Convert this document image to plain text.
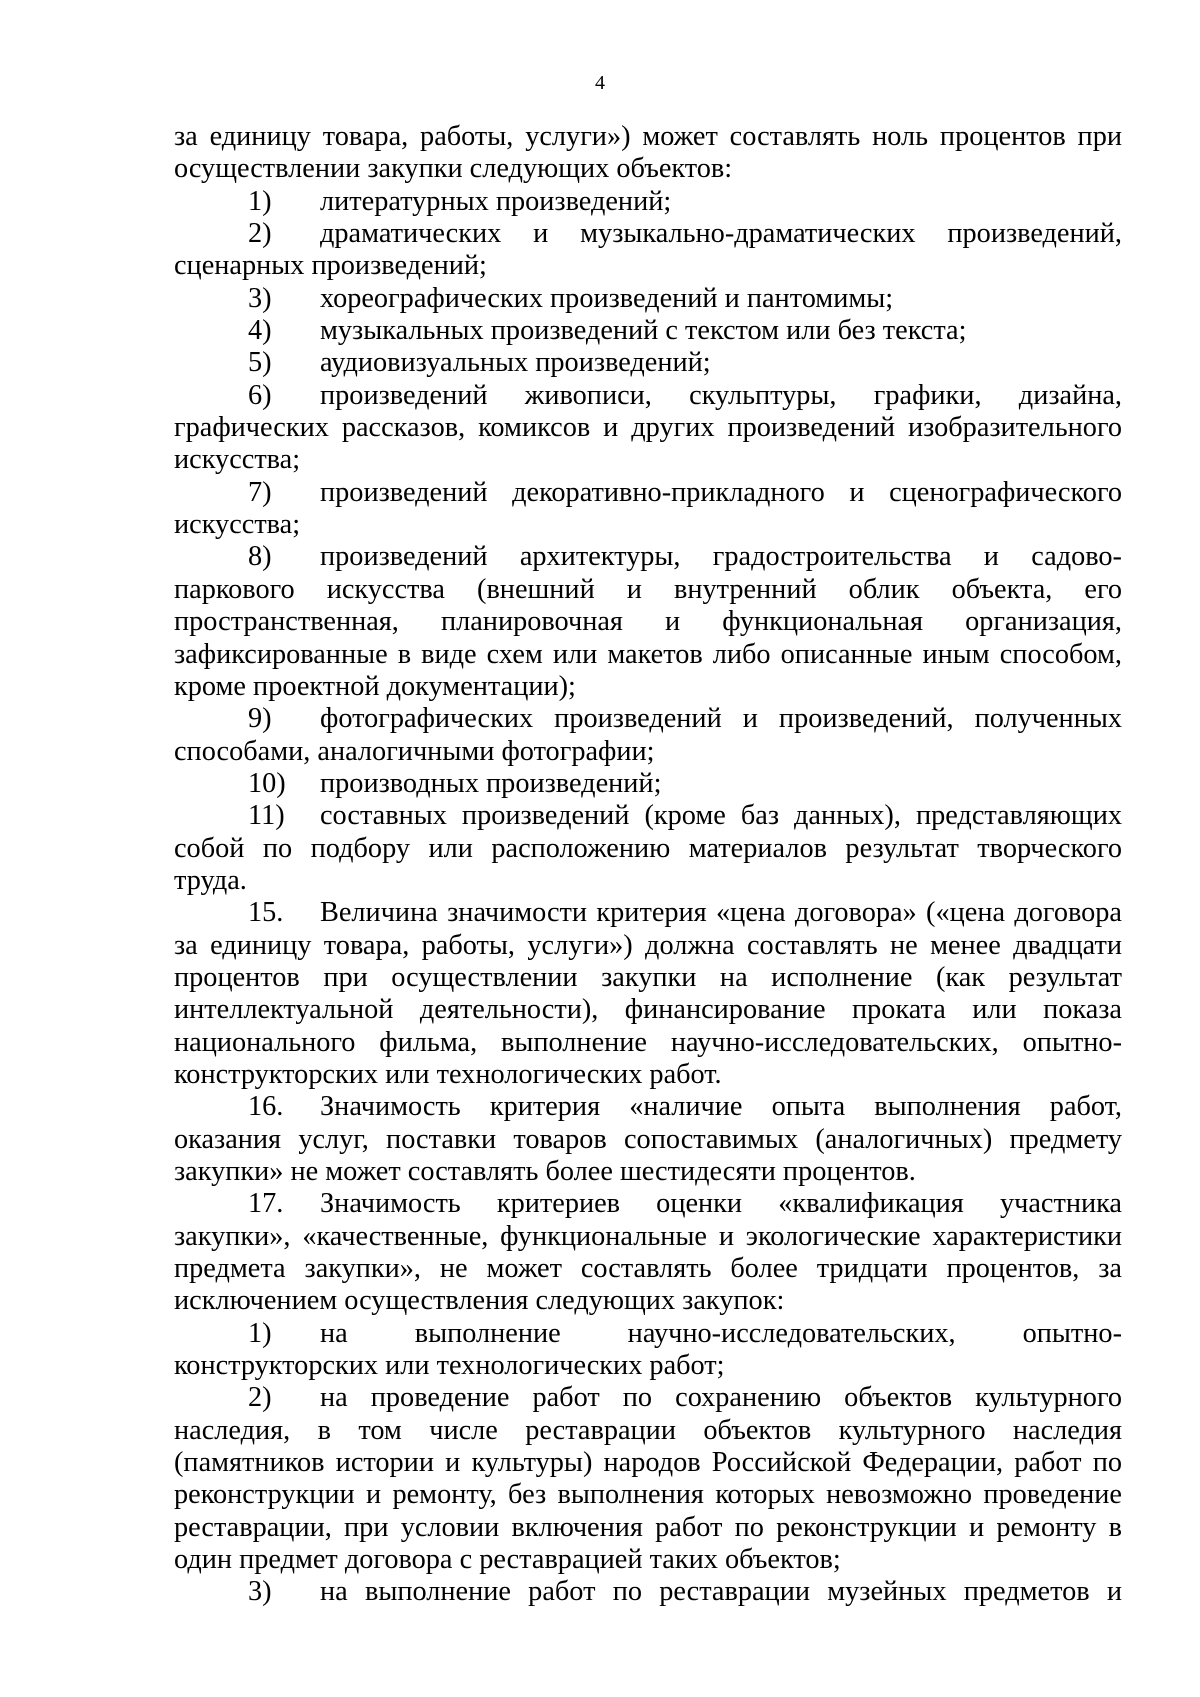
4

за единицу товара, работы, услуги») может составлять ноль процентов при осуществлении закупки следующих объектов:

1) литературных произведений;

2) драматических и музыкально-драматических произведений, сценарных произведений;

3) хореографических произведений и пантомимы;

4) музыкальных произведений с текстом или без текста;

5) аудиовизуальных произведений;

6) произведений живописи, скульптуры, графики, дизайна, графических рассказов, комиксов и других произведений изобразительного искусства;

7) произведений декоративно-прикладного и сценографического искусства;

8) произведений архитектуры, градостроительства и садово-паркового искусства (внешний и внутренний облик объекта, его пространственная, планировочная и функциональная организация, зафиксированные в виде схем или макетов либо описанные иным способом, кроме проектной документации);

9) фотографических произведений и произведений, полученных способами, аналогичными фотографии;

10) производных произведений;

11) составных произведений (кроме баз данных), представляющих собой по подбору или расположению материалов результат творческого труда.

15. Величина значимости критерия «цена договора» («цена договора за единицу товара, работы, услуги») должна составлять не менее двадцати процентов при осуществлении закупки на исполнение (как результат интеллектуальной деятельности), финансирование проката или показа национального фильма, выполнение научно-исследовательских, опытно-конструкторских или технологических работ.

16. Значимость критерия «наличие опыта выполнения работ, оказания услуг, поставки товаров сопоставимых (аналогичных) предмету закупки» не может составлять более шестидесяти процентов.

17. Значимость критериев оценки «квалификация участника закупки», «качественные, функциональные и экологические характеристики предмета закупки», не может составлять более тридцати процентов, за исключением осуществления следующих закупок:

1) на выполнение научно-исследовательских, опытно-конструкторских или технологических работ;

2) на проведение работ по сохранению объектов культурного наследия, в том числе реставрации объектов культурного наследия (памятников истории и культуры) народов Российской Федерации, работ по реконструкции и ремонту, без выполнения которых невозможно проведение реставрации, при условии включения работ по реконструкции и ремонту в один предмет договора с реставрацией таких объектов;

3) на выполнение работ по реставрации музейных предметов и
